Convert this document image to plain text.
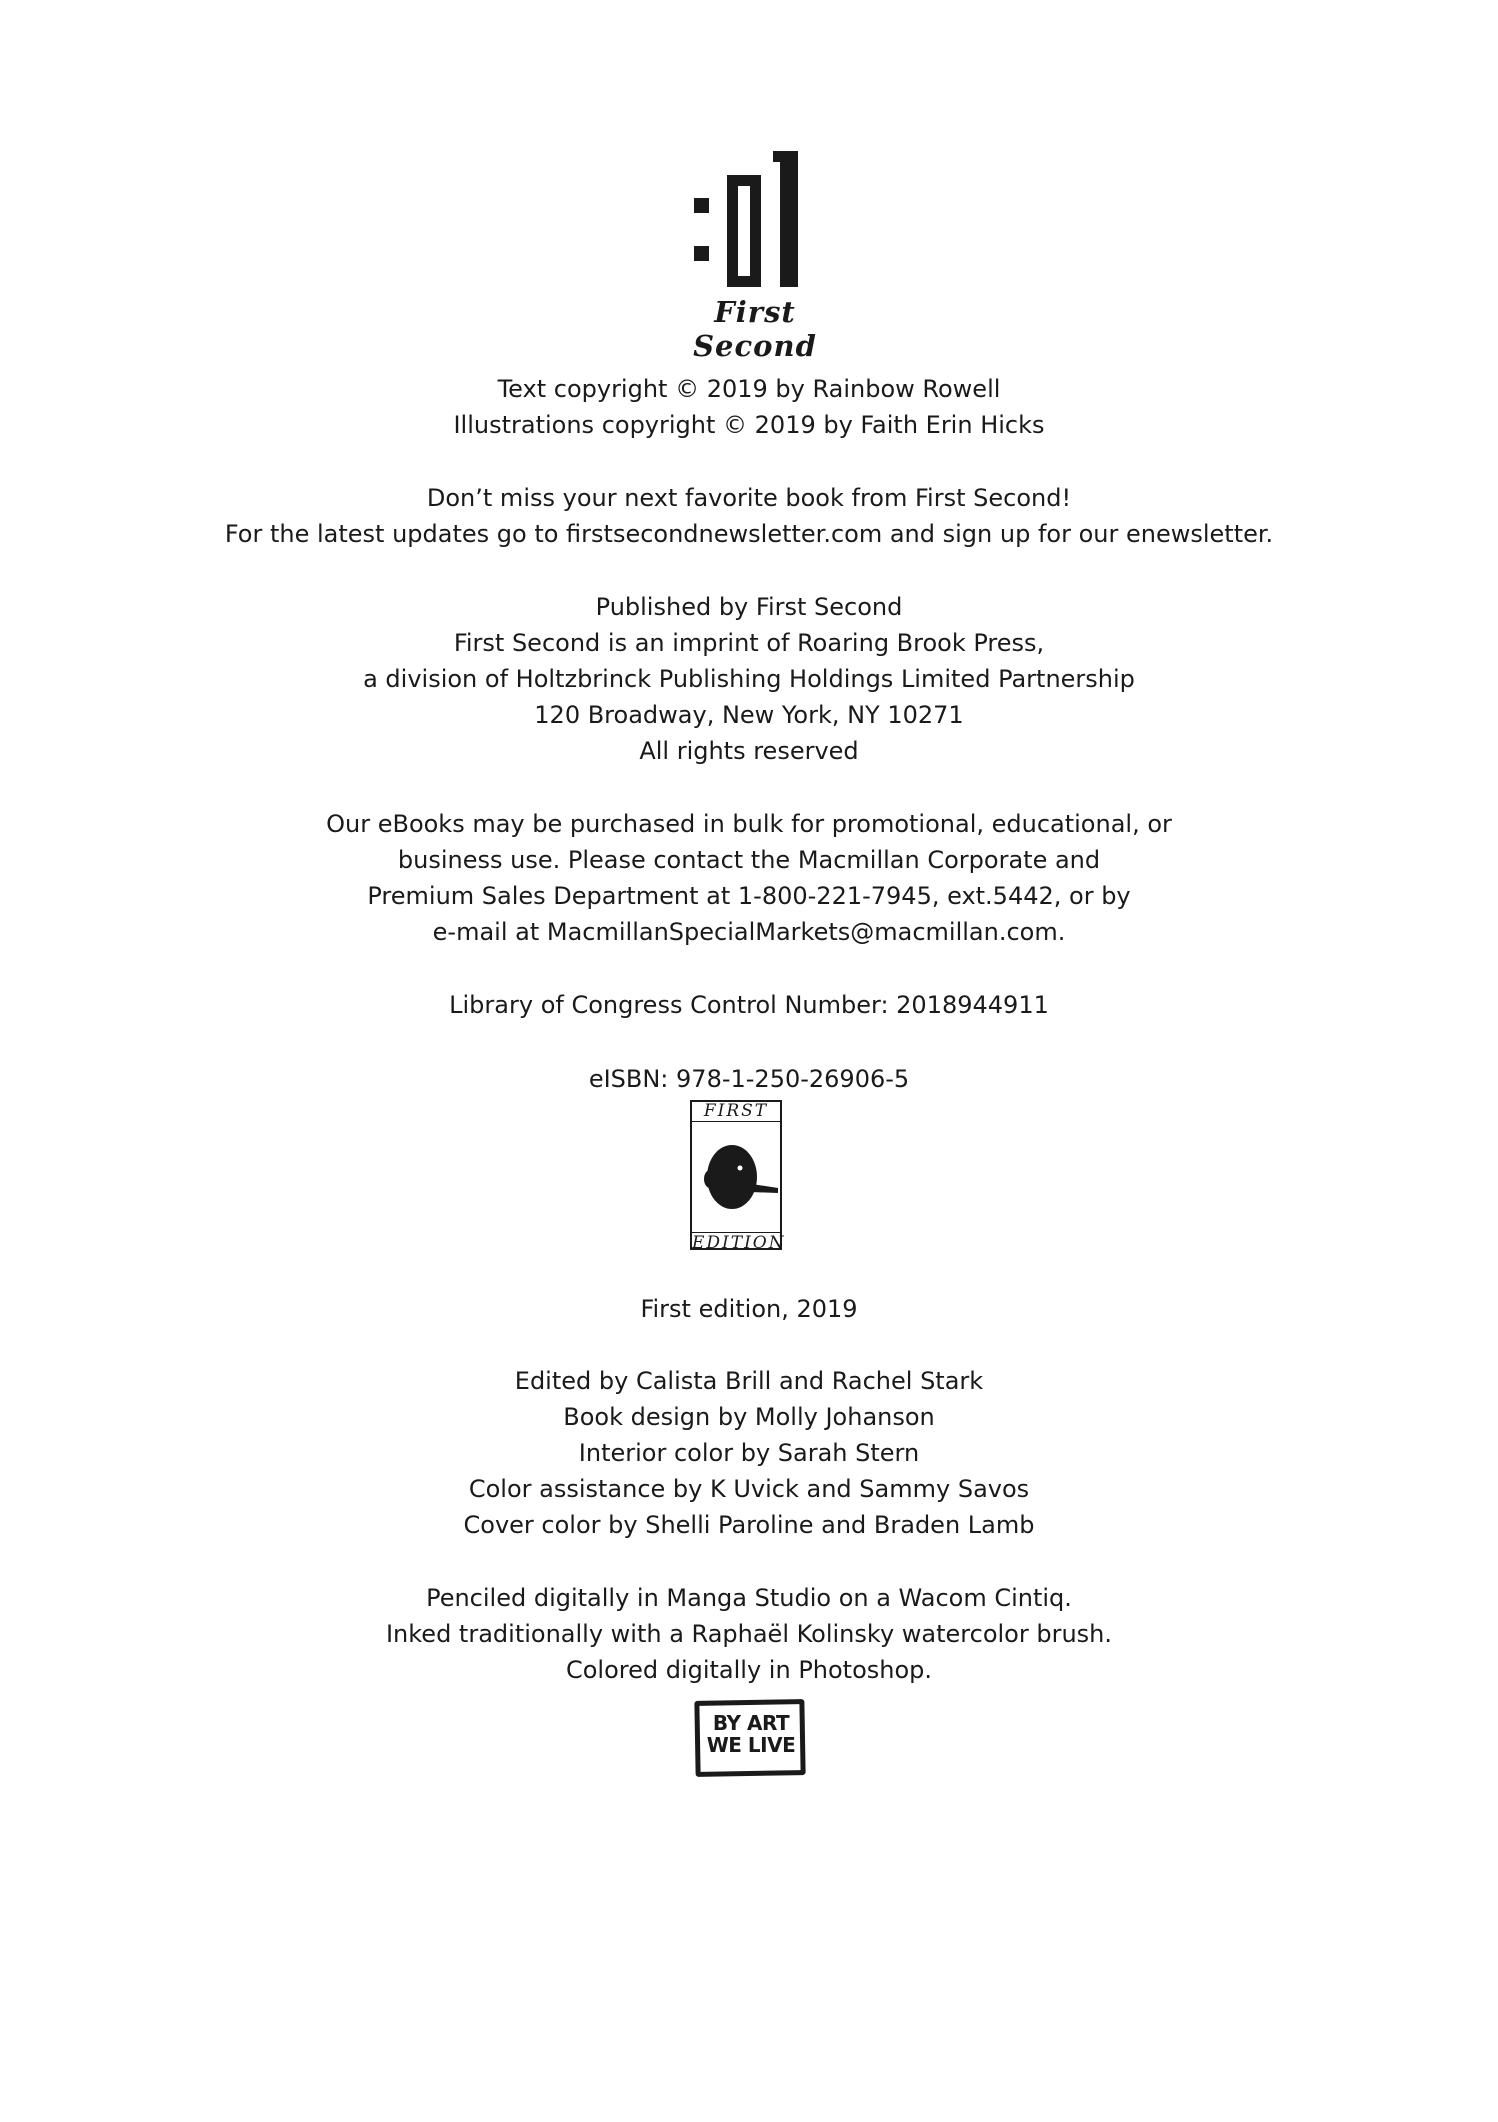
First Second
Text copyright © 2019 by Rainbow Rowell
Illustrations copyright © 2019 by Faith Erin Hicks
Don’t miss your next favorite book from First Second!
For the latest updates go to firstsecondnewsletter.com and sign up for our enewsletter.
Published by First Second
First Second is an imprint of Roaring Brook Press,
a division of Holtzbrinck Publishing Holdings Limited Partnership
120 Broadway, New York, NY 10271
All rights reserved
Our eBooks may be purchased in bulk for promotional, educational, or
business use. Please contact the Macmillan Corporate and
Premium Sales Department at 1-800-221-7945, ext.5442, or by
e-mail at MacmillanSpecialMarkets@macmillan.com.
Library of Congress Control Number: 2018944911
eISBN: 978-1-250-26906-5
FIRST
EDITION
First edition, 2019
Edited by Calista Brill and Rachel Stark
Book design by Molly Johanson
Interior color by Sarah Stern
Color assistance by K Uvick and Sammy Savos
Cover color by Shelli Paroline and Braden Lamb
Penciled digitally in Manga Studio on a Wacom Cintiq.
Inked traditionally with a Raphaël Kolinsky watercolor brush.
Colored digitally in Photoshop.
BY ART
WE LIVE
